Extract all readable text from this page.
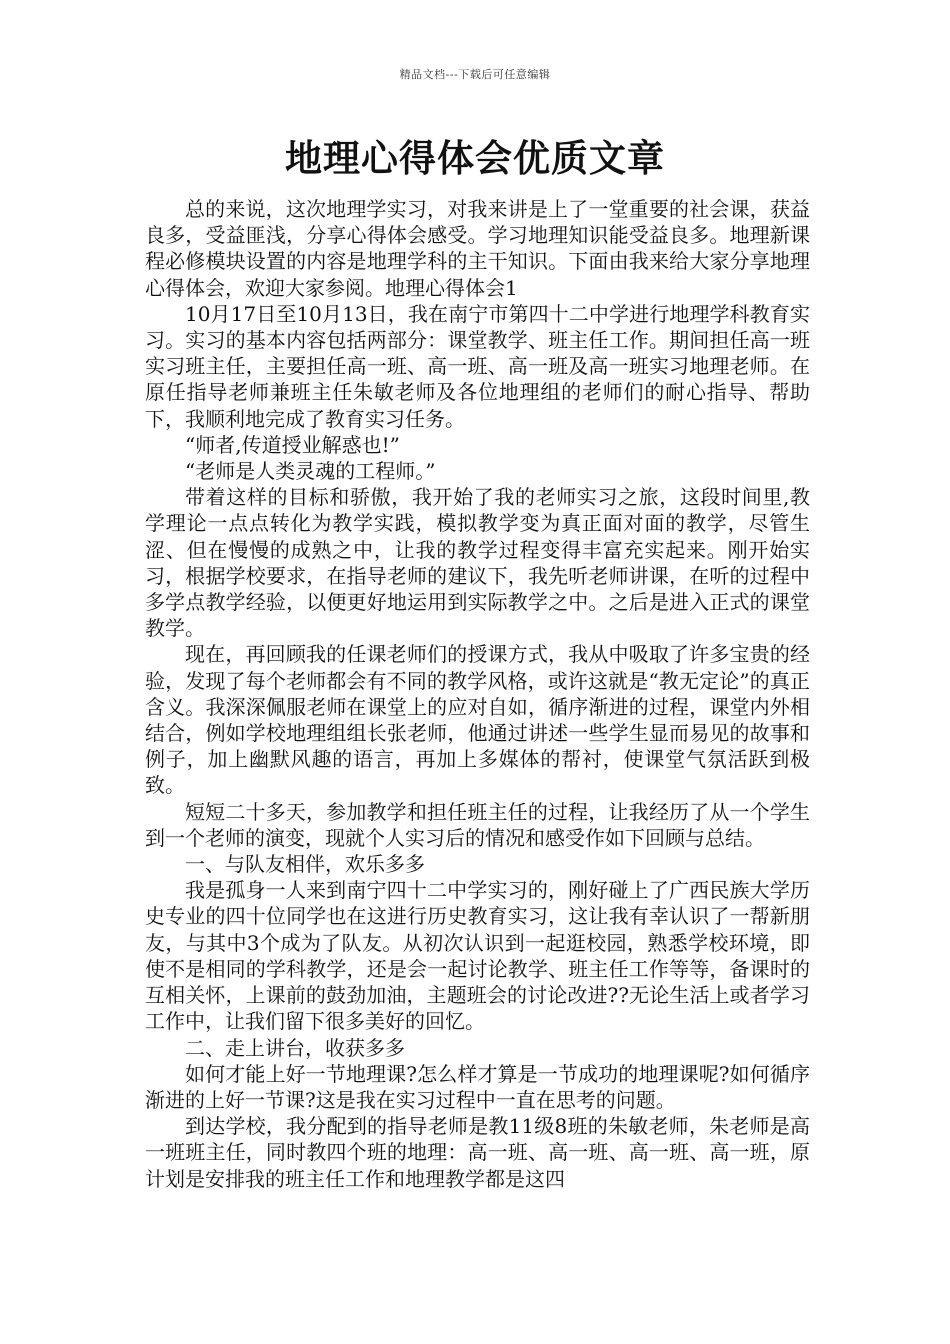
精品文档---下载后可任意编辑
地理心得体会优质文章

总的来说，这次地理学实习，对我来讲是上了一堂重要的社会课，获益良多，受益匪浅，分享心得体会感受。学习地理知识能受益良多。地理新课程必修模块设置的内容是地理学科的主干知识。下面由我来给大家分享地理心得体会，欢迎大家参阅。地理心得体会1

10月17日至10月13日，我在南宁市第四十二中学进行地理学科教育实习。实习的基本内容包括两部分：课堂教学、班主任工作。期间担任高一班实习班主任，主要担任高一班、高一班、高一班及高一班实习地理老师。在原任指导老师兼班主任朱敏老师及各位地理组的老师们的耐心指导、帮助下，我顺利地完成了教育实习任务。

“师者,传道授业解惑也!”

“老师是人类灵魂的工程师。”

带着这样的目标和骄傲，我开始了我的老师实习之旅，这段时间里,教学理论一点点转化为教学实践，模拟教学变为真正面对面的教学，尽管生涩、但在慢慢的成熟之中，让我的教学过程变得丰富充实起来。刚开始实习，根据学校要求，在指导老师的建议下，我先听老师讲课，在听的过程中多学点教学经验，以便更好地运用到实际教学之中。之后是进入正式的课堂教学。

现在，再回顾我的任课老师们的授课方式，我从中吸取了许多宝贵的经验，发现了每个老师都会有不同的教学风格，或许这就是“教无定论”的真正含义。我深深佩服老师在课堂上的应对自如，循序渐进的过程，课堂内外相结合，例如学校地理组组长张老师，他通过讲述一些学生显而易见的故事和例子，加上幽默风趣的语言，再加上多媒体的帮衬，使课堂气氛活跃到极致。

短短二十多天，参加教学和担任班主任的过程，让我经历了从一个学生到一个老师的演变，现就个人实习后的情况和感受作如下回顾与总结。

一、与队友相伴，欢乐多多

我是孤身一人来到南宁四十二中学实习的，刚好碰上了广西民族大学历史专业的四十位同学也在这进行历史教育实习，这让我有幸认识了一帮新朋友，与其中3个成为了队友。从初次认识到一起逛校园，熟悉学校环境，即使不是相同的学科教学，还是会一起讨论教学、班主任工作等等，备课时的互相关怀，上课前的鼓劲加油，主题班会的讨论改进??无论生活上或者学习工作中，让我们留下很多美好的回忆。

二、走上讲台，收获多多

如何才能上好一节地理课?怎么样才算是一节成功的地理课呢?如何循序渐进的上好一节课?这是我在实习过程中一直在思考的问题。

到达学校，我分配到的指导老师是教11级8班的朱敏老师，朱老师是高一班班主任，同时教四个班的地理：高一班、高一班、高一班、高一班，原计划是安排我的班主任工作和地理教学都是这四
